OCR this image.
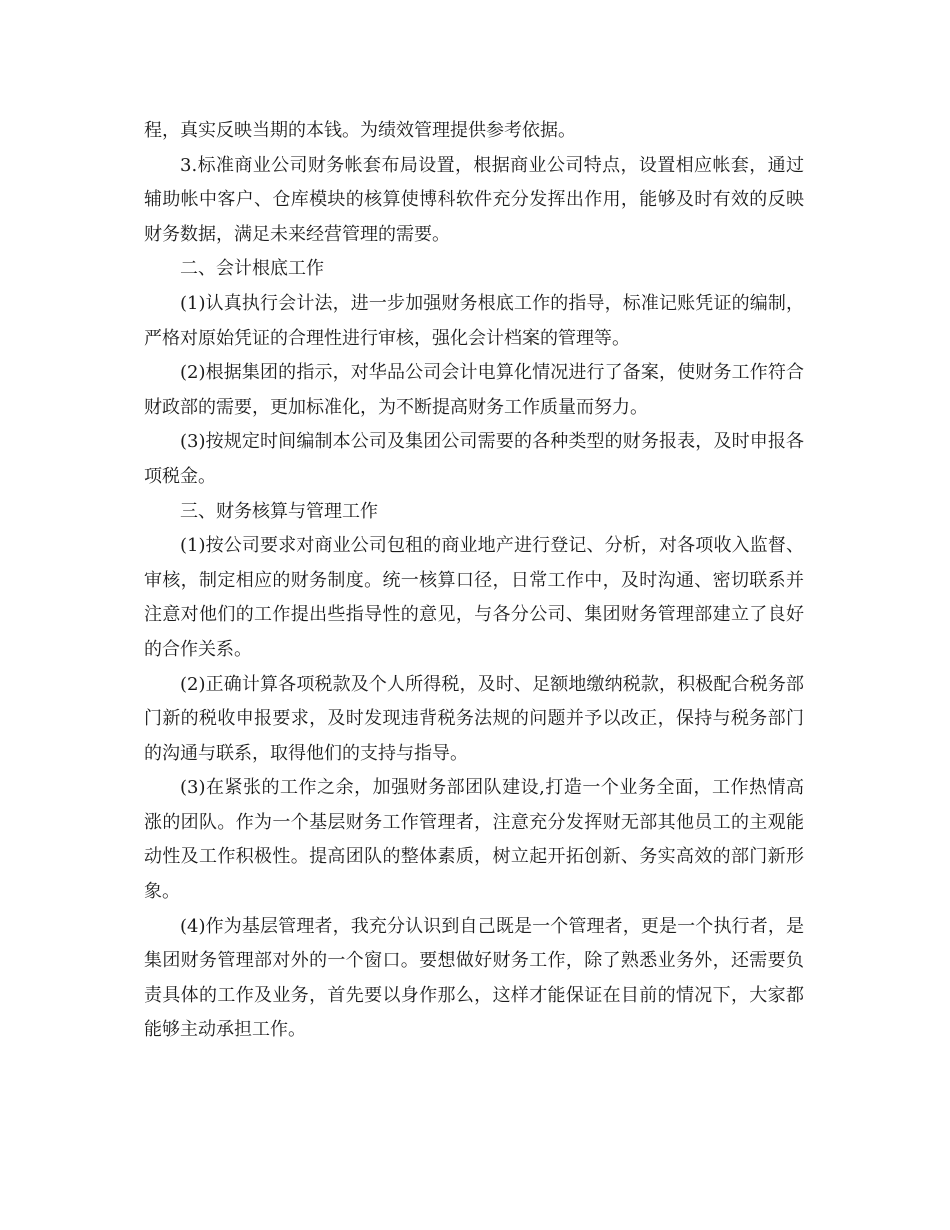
程，真实反映当期的本钱。为绩效管理提供参考依据。

3.标准商业公司财务帐套布局设置，根据商业公司特点，设置相应帐套，通过辅助帐中客户、仓库模块的核算使博科软件充分发挥出作用，能够及时有效的反映财务数据，满足未来经营管理的需要。

二、会计根底工作

(1)认真执行会计法，进一步加强财务根底工作的指导，标准记账凭证的编制，严格对原始凭证的合理性进行审核，强化会计档案的管理等。

(2)根据集团的指示，对华品公司会计电算化情况进行了备案，使财务工作符合财政部的需要，更加标准化，为不断提高财务工作质量而努力。

(3)按规定时间编制本公司及集团公司需要的各种类型的财务报表，及时申报各项税金。

三、财务核算与管理工作

(1)按公司要求对商业公司包租的商业地产进行登记、分析，对各项收入监督、审核，制定相应的财务制度。统一核算口径，日常工作中，及时沟通、密切联系并注意对他们的工作提出些指导性的意见，与各分公司、集团财务管理部建立了良好的合作关系。

(2)正确计算各项税款及个人所得税，及时、足额地缴纳税款，积极配合税务部门新的税收申报要求，及时发现违背税务法规的问题并予以改正，保持与税务部门的沟通与联系，取得他们的支持与指导。

(3)在紧张的工作之余，加强财务部团队建设,打造一个业务全面，工作热情高涨的团队。作为一个基层财务工作管理者，注意充分发挥财无部其他员工的主观能动性及工作积极性。提高团队的整体素质，树立起开拓创新、务实高效的部门新形象。

(4)作为基层管理者，我充分认识到自己既是一个管理者，更是一个执行者，是集团财务管理部对外的一个窗口。要想做好财务工作，除了熟悉业务外，还需要负责具体的工作及业务，首先要以身作那么，这样才能保证在目前的情况下，大家都能够主动承担工作。
